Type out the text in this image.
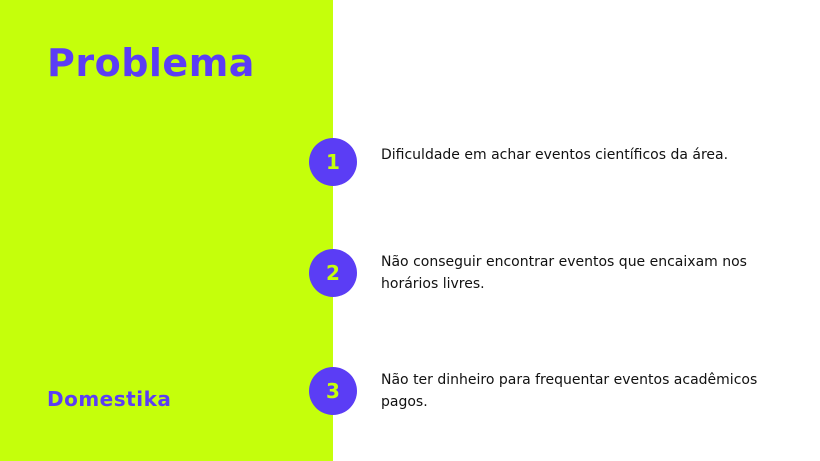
Problema
Domestika
1	Dificuldade em achar eventos científicos da área.
2	Não conseguir encontrar eventos que encaixam nos horários livres.
3	Não ter dinheiro para frequentar eventos acadêmicos pagos.
